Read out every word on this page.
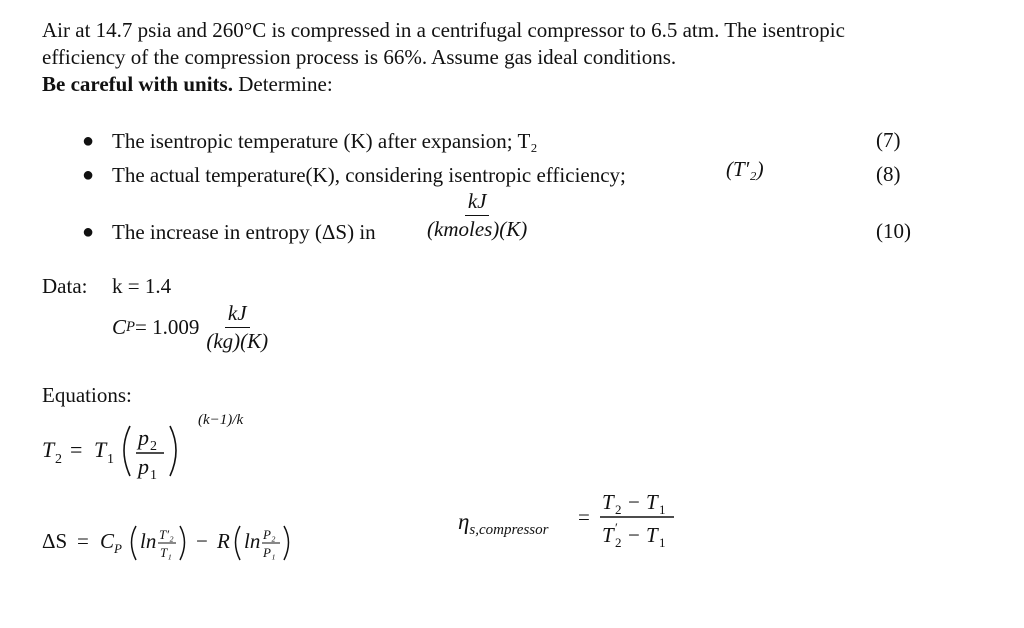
Air at 14.7 psia and 260°C is compressed in a centrifugal compressor to 6.5 atm. The isentropic
efficiency of the compression process is 66%. Assume gas ideal conditions.
Be careful with units. Determine:
● The isentropic temperature (K) after expansion; T₂	(7)
● The actual temperature(K), considering isentropic efficiency;	(T′₂)	(8)
● The increase in entropy (ΔS) in $\frac{kJ}{\text{(kmoles)(K)}}$	(10)
Data: k = 1.4
C $P = 1.009 \frac{kJ}{(kg)(K)}$
Equations:
T 2 = T 1
p 2
p 1
(k−1)/k
ΔS = C P ln T′₂
T₁ − R ln P₂
P₁
$\eta_{s,compressor}$
=
T 2 − T 1
T ′
2 − T 1
